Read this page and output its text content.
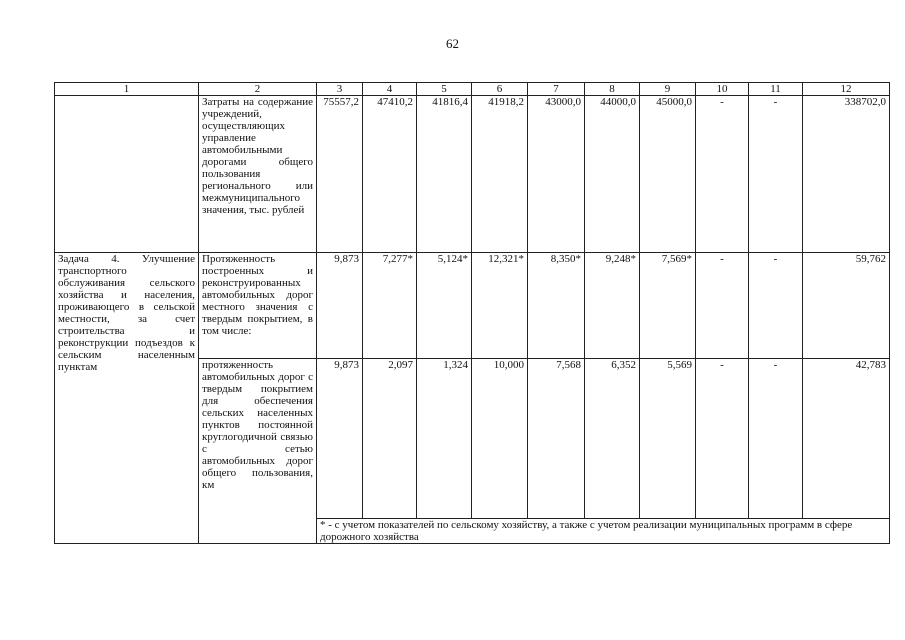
62
1	2	3	4	5	6	7	8	9	10	11	12
	Затраты на содержание учреждений, осуществляющих управление автомобильными дорогами общего пользования регионального или межмуниципального значения, тыс. рублей	75557,2	47410,2	41816,4	41918,2	43000,0	44000,0	45000,0	-	-	338702,0
Задача 4. Улучшение транспортного обслуживания сельского хозяйства и населения, проживающего в сельской местности, за счет строительства и реконструкции подъездов к сельским населенным пунктам	Протяженность построенных и реконструированных автомобильных дорог местного значения с твердым покрытием, в том числе:	9,873	7,277*	5,124*	12,321*	8,350*	9,248*	7,569*	-	-	59,762
	протяженность автомобильных дорог с твердым покрытием для обеспечения сельских населенных пунктов постоянной круглогодичной связью с сетью автомобильных дорог общего пользования, км	9,873	2,097	1,324	10,000	7,568	6,352	5,569	-	-	42,783
		* - с учетом показателей по сельскому хозяйству, а также с учетом реализации муниципальных программ в сфере дорожного хозяйства									
